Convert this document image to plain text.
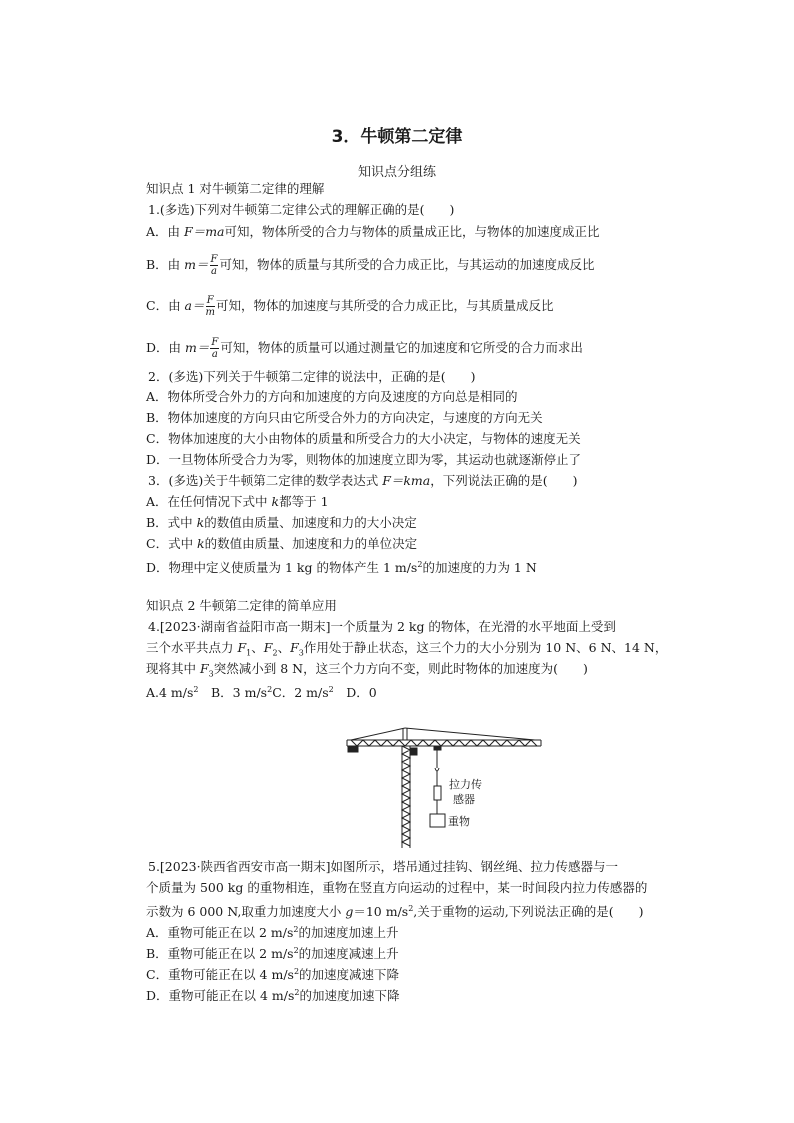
3．牛顿第二定律
知识点分组练
知识点 1 对牛顿第二定律的理解
1.(多选)下列对牛顿第二定律公式的理解正确的是(　　)
A．由 F＝ma可知，物体所受的合力与物体的质量成正比，与物体的加速度成正比
B．由 $m= \frac{F}{a}$ 可知，物体的质量与其所受的合力成正比，与其运动的加速度成反比
C．由 $a= \frac{F}{m}$ 可知，物体的加速度与其所受的合力成正比，与其质量成反比
D．由 $m= \frac{F}{a}$ 可知，物体的质量可以通过测量它的加速度和它所受的合力而求出
2．(多选)下列关于牛顿第二定律的说法中，正确的是(　　)
A．物体所受合外力的方向和加速度的方向及速度的方向总是相同的
B．物体加速度的方向只由它所受合外力的方向决定，与速度的方向无关
C．物体加速度的大小由物体的质量和所受合力的大小决定，与物体的速度无关
D．一旦物体所受合力为零，则物体的加速度立即为零，其运动也就逐渐停止了
3．(多选)关于牛顿第二定律的数学表达式 F＝kma，下列说法正确的是(　　)
A．在任何情况下式中 k都等于 1
B．式中 k的数值由质量、加速度和力的大小决定
C．式中 k的数值由质量、加速度和力的单位决定
D．物理中定义使质量为 1 kg 的物体产生 1 $m/s^2$的加速度的力为 1 N
知识点 2 牛顿第二定律的简单应用
4.[2023·湖南省益阳市高一期末]一个质量为 2 kg 的物体，在光滑的水平地面上受到
三个水平共点力 $F_1$、$F_2$、$F_3$作用处于静止状态，这三个力的大小分别为 10 N、6 N、14 N，
现将其中 $F_3$突然减小到 8 N，这三个力方向不变，则此时物体的加速度为(　　)
A.4 $m/s^2$　B．3 $m/s^2C$．2 $m/s^2$　D．0
拉力传
感器
重物
5.[2023·陕西省西安市高一期末]如图所示，塔吊通过挂钩、钢丝绳、拉力传感器与一
个质量为 500 kg 的重物相连，重物在竖直方向运动的过程中，某一时间段内拉力传感器的
示数为 6 000 N,取重力加速度大小 g＝10 $m/s^2$,关于重物的运动,下列说法正确的是(　　)
A．重物可能正在以 2 $m/s^2$的加速度加速上升
B．重物可能正在以 2 $m/s^2$的加速度减速上升
C．重物可能正在以 4 $m/s^2$的加速度减速下降
D．重物可能正在以 4 $m/s^2$的加速度加速下降
